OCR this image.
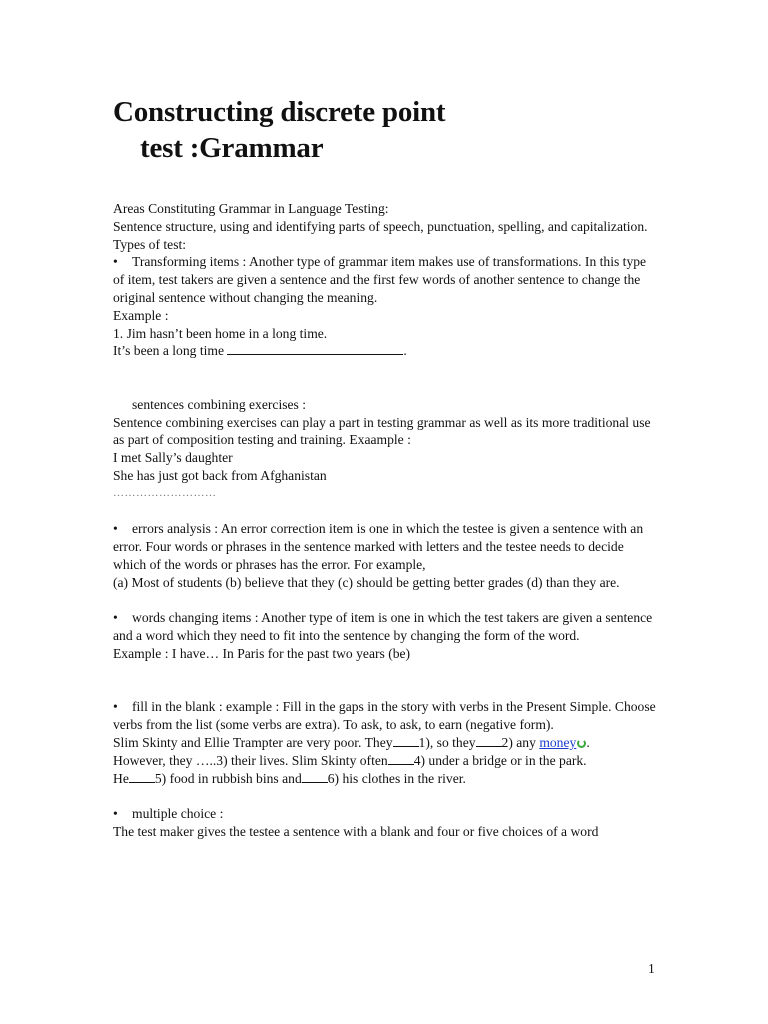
Constructing discrete point
test :Grammar

Areas Constituting Grammar in Language Testing:

Sentence structure, using and identifying parts of speech, punctuation, spelling, and capitalization.

Types of test:

• Transforming items : Another type of grammar item makes use of transformations. In this type of item, test takers are given a sentence and the first few words of another sentence to change the original sentence without changing the meaning.

Example :

1. Jim hasn’t been home in a long time.

It’s been a long time	.

sentences combining exercises :

Sentence combining exercises can play a part in testing grammar as well as its more traditional use as part of composition testing and training. Exaample :

I met Sally’s daughter

She has just got back from Afghanistan

………………………

• errors analysis : An error correction item is one in which the testee is given a sentence with an error. Four words or phrases in the sentence marked with letters and the testee needs to decide which of the words or phrases has the error. For example,

(a) Most of students (b) believe that they (c) should be getting better grades (d) than they are.

• words changing items : Another type of item is one in which the test takers are given a sentence and a word which they need to fit into the sentence by changing the form of the word.

Example : I have… In Paris for the past two years (be)

• fill in the blank : example : Fill in the gaps in the story with verbs in the Present Simple. Choose verbs from the list (some verbs are extra). To ask, to ask, to earn (negative form).

Slim Skinty and Ellie Trampter are very poor. They 1), so they 2) any money .
However, they …..3) their lives. Slim Skinty often 4) under a bridge or in the park.
He 5) food in rubbish bins and 6) his clothes in the river.

• multiple choice :

The test maker gives the testee a sentence with a blank and four or five choices of a word

1
